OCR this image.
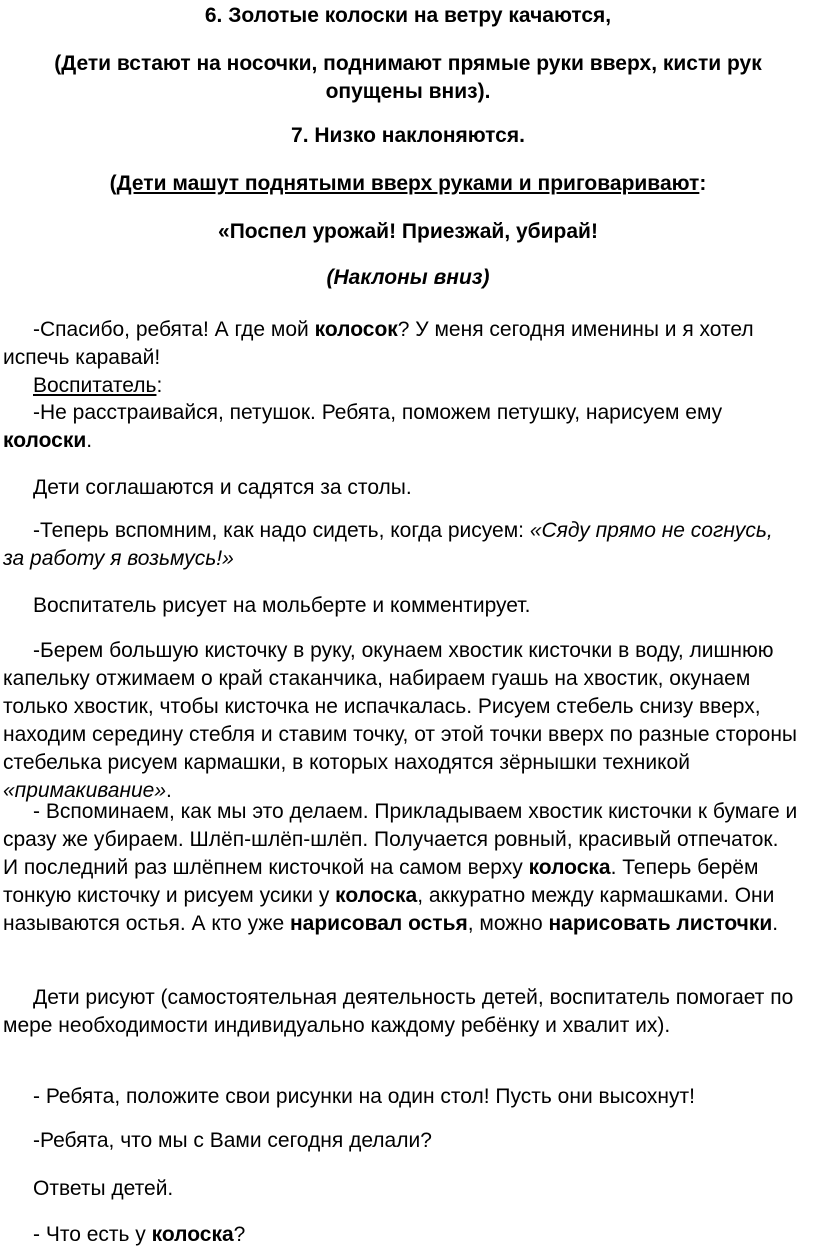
6. Золотые колоски на ветру качаются,

(Дети встают на носочки, поднимают прямые руки вверх, кисти рук опущены вниз).

7. Низко наклоняются.

(Дети машут поднятыми вверх руками и приговаривают:

«Поспел урожай! Приезжай, убирай!

(Наклоны вниз)

-Спасибо, ребята! А где мой колосок? У меня сегодня именины и я хотел испечь каравай!

Воспитатель:

-Не расстраивайся, петушок. Ребята, поможем петушку, нарисуем ему колоски.

Дети соглашаются и садятся за столы.

-Теперь вспомним, как надо сидеть, когда рисуем: «Сяду прямо не согнусь, за работу я возьмусь!»

Воспитатель рисует на мольберте и комментирует.

-Берем большую кисточку в руку, окунаем хвостик кисточки в воду, лишнюю капельку отжимаем о край стаканчика, набираем гуашь на хвостик, окунаем только хвостик, чтобы кисточка не испачкалась. Рисуем стебель снизу вверх, находим середину стебля и ставим точку, от этой точки вверх по разные стороны стебелька рисуем кармашки, в которых находятся зёрнышки техникой «примакивание».

- Вспоминаем, как мы это делаем. Прикладываем хвостик кисточки к бумаге и сразу же убираем. Шлёп-шлёп-шлёп. Получается ровный, красивый отпечаток. И последний раз шлёпнем кисточкой на самом верху колоска. Теперь берём тонкую кисточку и рисуем усики у колоска, аккуратно между кармашками. Они называются остья. А кто уже нарисовал остья, можно нарисовать листочки.

Дети рисуют (самостоятельная деятельность детей, воспитатель помогает по мере необходимости индивидуально каждому ребёнку и хвалит их).

- Ребята, положите свои рисунки на один стол! Пусть они высохнут!

-Ребята, что мы с Вами сегодня делали?

Ответы детей.

- Что есть у колоска?
